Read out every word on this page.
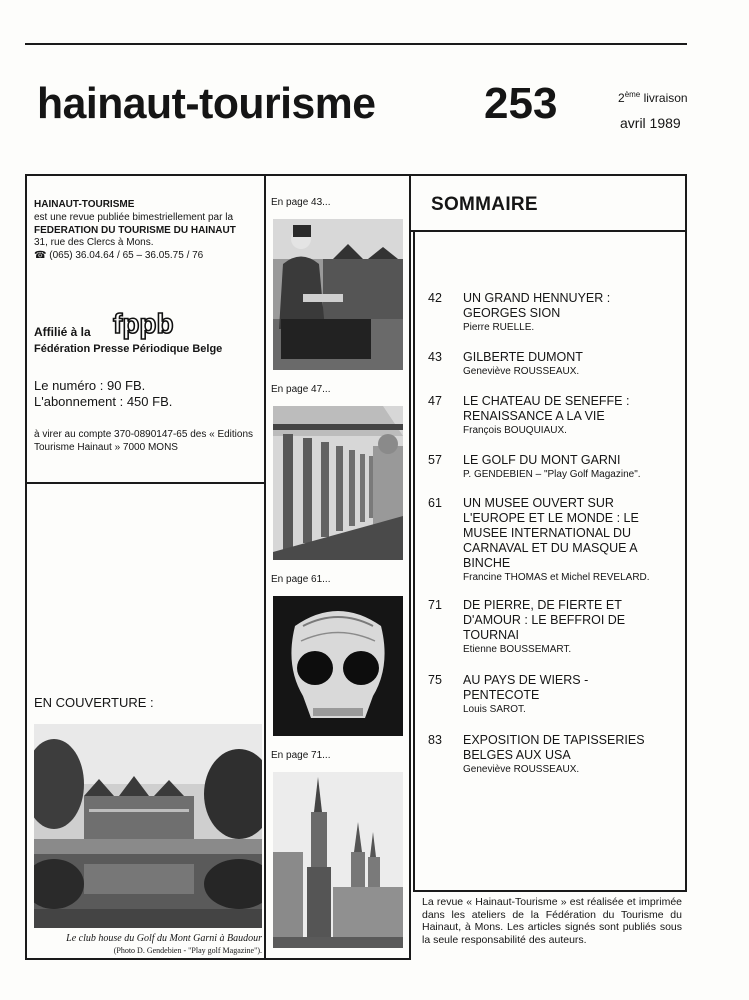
hainaut-tourisme 253	2ème livraison
avril 1989
HAINAUT-TOURISME
est une revue publiée bimestriellement par la
FEDERATION DU TOURISME DU HAINAUT
31, rue des Clercs à Mons.
☎ (065) 36.04.64 / 65 – 36.05.75 / 76
Affilié à la fppb
Fédération Presse Périodique Belge
Le numéro : 90 FB.
L'abonnement : 450 FB.
à virer au compte 370-0890147-65 des « Editions Tourisme Hainaut » 7000 MONS
EN COUVERTURE :
Le club house du Golf du Mont Garni à Baudour
(Photo D. Gendebien - "Play golf Magazine").
En page 43...
En page 47...
En page 61...
En page 71...
SOMMAIRE
42 UN GRAND HENNUYER : GEORGES SION
Pierre RUELLE.
43 GILBERTE DUMONT
Geneviève ROUSSEAUX.
47 LE CHATEAU DE SENEFFE : RENAISSANCE A LA VIE
François BOUQUIAUX.
57 LE GOLF DU MONT GARNI
P. GENDEBIEN – "Play Golf Magazine".
61 UN MUSEE OUVERT SUR L'EUROPE ET LE MONDE : LE MUSEE INTERNATIONAL DU CARNAVAL ET DU MASQUE A BINCHE
Francine THOMAS et Michel REVELARD.
71 DE PIERRE, DE FIERTE ET D'AMOUR : LE BEFFROI DE TOURNAI
Etienne BOUSSEMART.
75 AU PAYS DE WIERS - PENTECOTE
Louis SAROT.
83 EXPOSITION DE TAPISSERIES BELGES AUX USA
Geneviève ROUSSEAUX.
La revue « Hainaut-Tourisme » est réalisée et imprimée dans les ateliers de la Fédération du Tourisme du Hainaut, à Mons. Les articles signés sont publiés sous la seule responsabilité des auteurs.
